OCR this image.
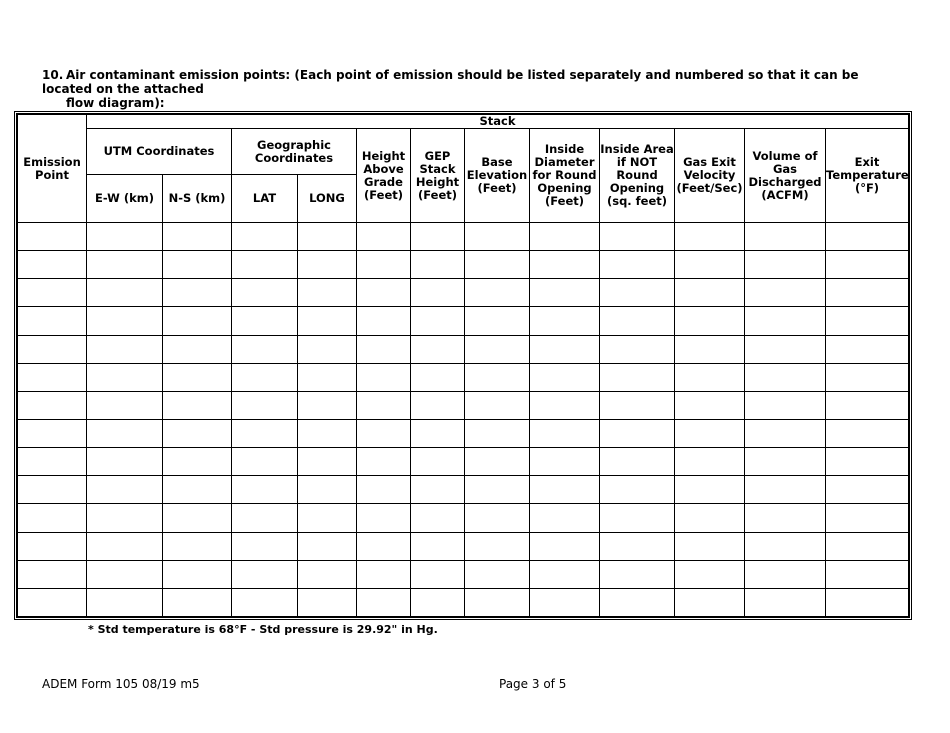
10. Air contaminant emission points: (Each point of emission should be listed separately and numbered so that it can be located on the attached
flow diagram):
Emission Point	Stack											
	UTM Coordinates		Geographic Coordinates		Height Above Grade (Feet)	GEP Stack Height (Feet)	Base Elevation (Feet)	Inside Diameter for Round Opening (Feet)	Inside Area if NOT Round Opening (sq. feet)	Gas Exit Velocity (Feet/Sec)	Volume of Gas Discharged (ACFM)	Exit Temperature (°F)
	E-W (km)	N-S (km)	LAT	LONG								

* Std temperature is 68°F - Std pressure is 29.92" in Hg.
ADEM Form 105 08/19 m5	Page 3 of 5
